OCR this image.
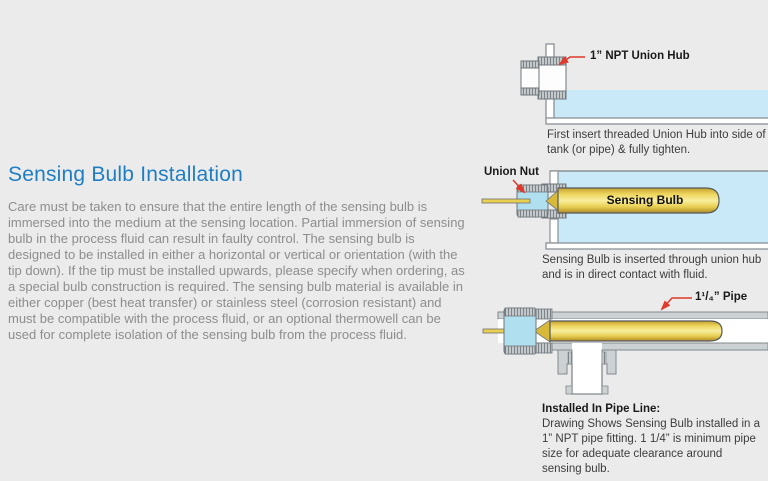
Sensing Bulb Installation
Care must be taken to ensure that the entire length of the sensing bulb is immersed into the medium at the sensing location. Partial immersion of sensing bulb in the process fluid can result in faulty control. The sensing bulb is designed to be installed in either a horizontal or vertical or orientation (with the tip down). If the tip must be installed upwards, please specify when ordering, as a special bulb construction is required. The sensing bulb material is available in either copper (best heat transfer) or stainless steel (corrosion resistant) and must be compatible with the process fluid, or an optional thermowell can be used for complete isolation of the sensing bulb from the process fluid.
1” NPT Union Hub
First insert threaded Union Hub into side of tank (or pipe) & fully tighten.
Union Nut
Sensing Bulb
Sensing Bulb is inserted through union hub and is in direct contact with fluid.
1¹/₄” Pipe
Installed In Pipe Line:
Drawing Shows Sensing Bulb installed in a 1” NPT pipe fitting. 1 1/4” is minimum pipe size for adequate clearance around sensing bulb.
